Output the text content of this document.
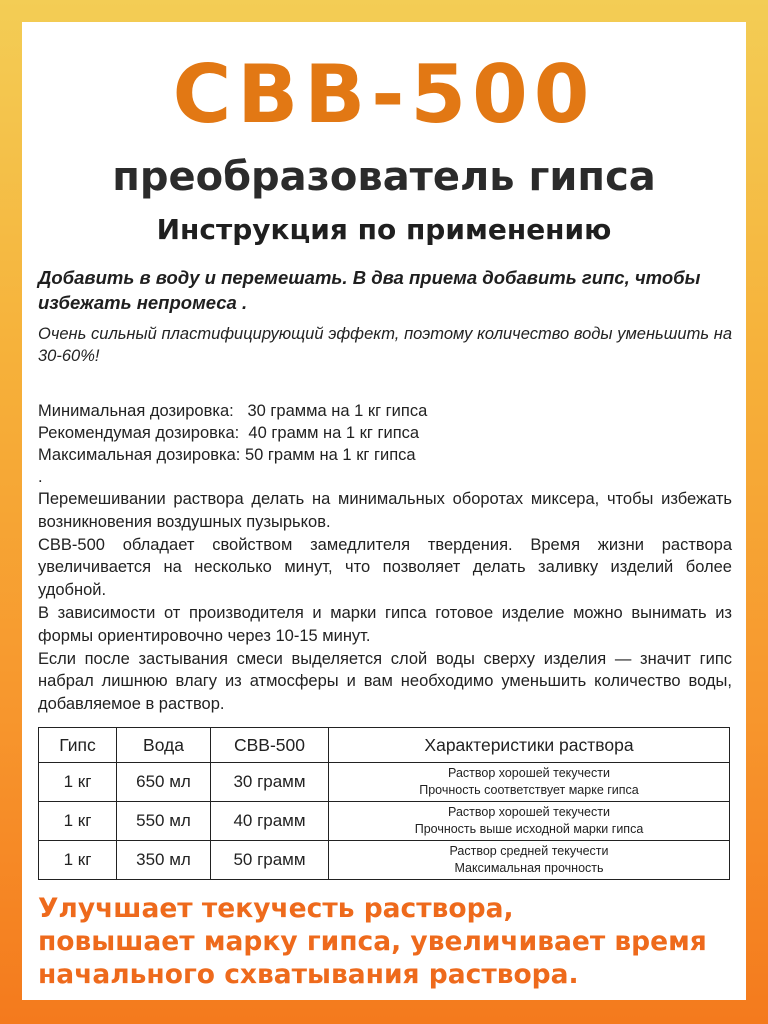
CBB-500
преобразователь гипса
Инструкция по применению
Добавить в воду и перемешать. В два приема добавить гипс, чтобы избежать непромеса .
Очень сильный пластифицирующий эффект, поэтому количество воды уменьшить на 30-60%!
Минимальная дозировка:   30 грамма на 1 кг гипса
Рекомендумая дозировка:  40 грамм на 1 кг гипса
Максимальная дозировка: 50 грамм на 1 кг гипса
.

Перемешивании раствора делать на минимальных оборотах миксера, чтобы избежать возникновения воздушных пузырьков.

СВВ-500 обладает свойством замедлителя твердения. Время жизни раствора увеличивается на несколько минут, что позволяет делать заливку изделий более удобной.

В зависимости от производителя и марки гипса готовое изделие можно вынимать из формы ориентировочно через 10-15 минут.

Если после застывания смеси выделяется слой воды сверху изделия — значит гипс набрал лишнюю влагу из атмосферы и вам необходимо уменьшить количество воды, добавляемое в раствор.

Гипс	Вода	СВВ-500	Характеристики раствора
1 кг	650 мл	30 грамм	Раствор хорошей текучести
Прочность соответствует марке гипса

1 кг	550 мл	40 грамм	Раствор хорошей текучести
Прочность выше исходной марки гипса

1 кг	350 мл	50 грамм	Раствор средней текучести
Максимальная прочность
Улучшает текучесть раствора,
повышает марку гипса, увеличивает время
начального схватывания раствора.
